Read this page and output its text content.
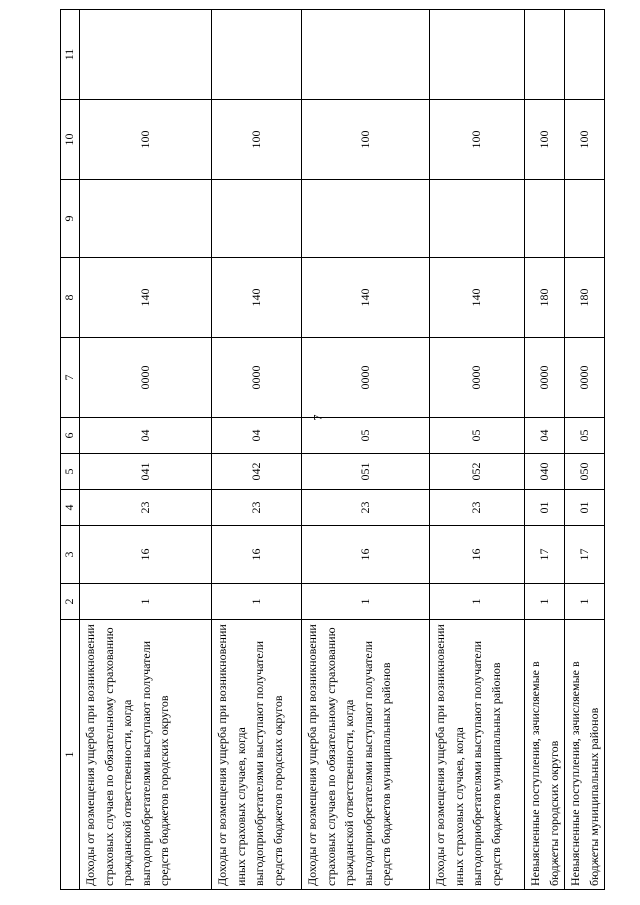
7
1	2	3	4	5	6	7	8	9	10	11
Доходы от возмещения ущерба при возникновении страховых случаев по обязательному страхованию гражданской ответственности, когда выгодоприобретателями выступают получатели средств бюджетов городских округов	1	16	23	041	04	0000	140		100	
Доходы от возмещения ущерба при возникновении иных страховых случаев, когда выгодоприобретателями выступают получатели средств бюджетов городских округов	1	16	23	042	04	0000	140		100	
Доходы от возмещения ущерба при возникновении страховых случаев по обязательному страхованию гражданской ответственности, когда выгодоприобретателями выступают получатели средств бюджетов муниципальных районов	1	16	23	051	05	0000	140		100	
Доходы от возмещения ущерба при возникновении иных страховых случаев, когда выгодоприобретателями выступают получатели средств бюджетов муниципальных районов	1	16	23	052	05	0000	140		100	
Невыясненные поступления, зачисляемые в бюджеты городских округов	1	17	01	040	04	0000	180		100	
Невыясненные поступления, зачисляемые в бюджеты муниципальных районов	1	17	01	050	05	0000	180		100	
